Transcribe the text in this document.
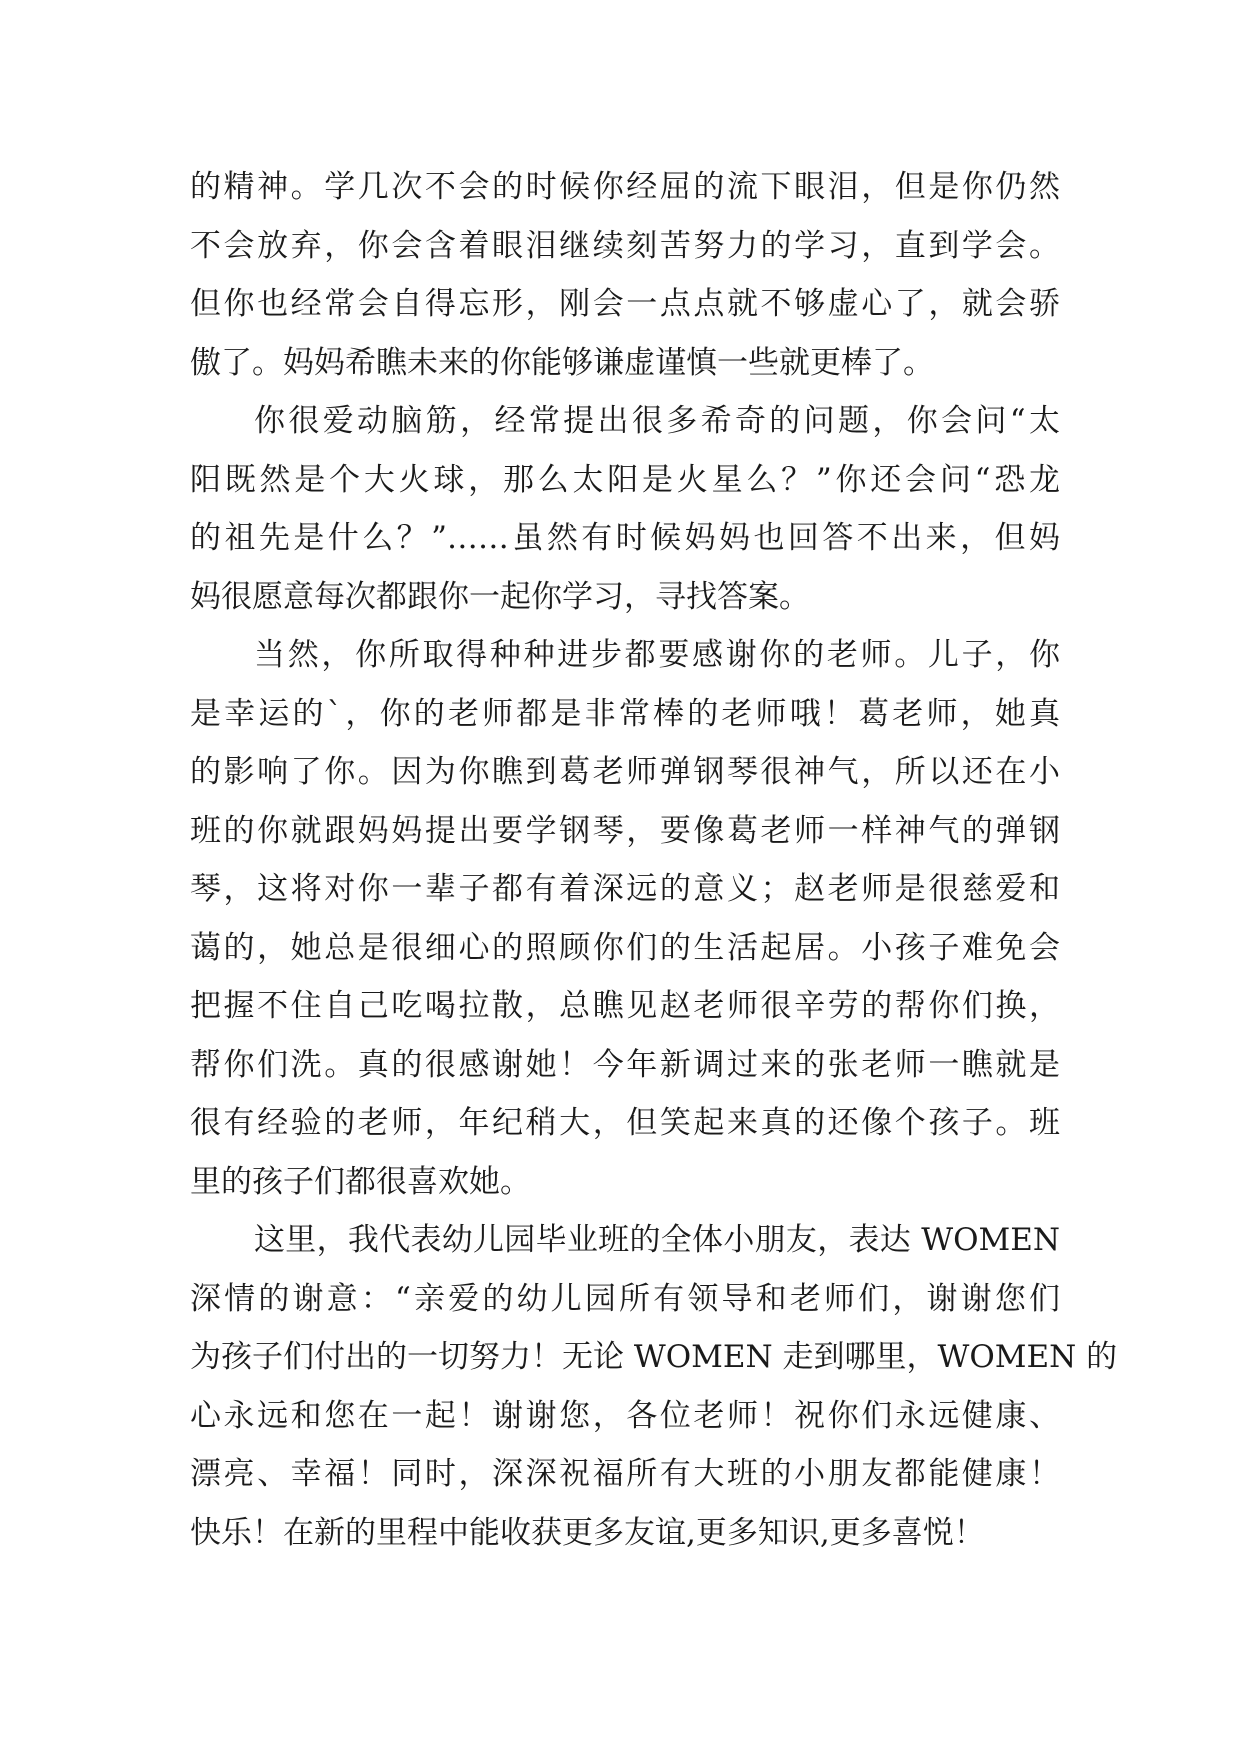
的精神。学几次不会的时候你经屈的流下眼泪，但是你仍然
不会放弃，你会含着眼泪继续刻苦努力的学习，直到学会。
但你也经常会自得忘形，刚会一点点就不够虚心了，就会骄
傲了。妈妈希瞧未来的你能够谦虚谨慎一些就更棒了。
你很爱动脑筋，经常提出很多希奇的问题，你会问“太
阳既然是个大火球，那么太阳是火星么？”你还会问“恐龙
的祖先是什么？”……虽然有时候妈妈也回答不出来，但妈
妈很愿意每次都跟你一起你学习，寻找答案。
当然，你所取得种种进步都要感谢你的老师。儿子，你
是幸运的`，你的老师都是非常棒的老师哦！葛老师，她真
的影响了你。因为你瞧到葛老师弹钢琴很神气，所以还在小
班的你就跟妈妈提出要学钢琴，要像葛老师一样神气的弹钢
琴，这将对你一辈子都有着深远的意义；赵老师是很慈爱和
蔼的，她总是很细心的照顾你们的生活起居。小孩子难免会
把握不住自己吃喝拉散，总瞧见赵老师很辛劳的帮你们换，
帮你们洗。真的很感谢她！今年新调过来的张老师一瞧就是
很有经验的老师，年纪稍大，但笑起来真的还像个孩子。班
里的孩子们都很喜欢她。
这里，我代表幼儿园毕业班的全体小朋友，表达 WOMEN
深情的谢意：“亲爱的幼儿园所有领导和老师们，谢谢您们
为孩子们付出的一切努力！无论 WOMEN 走到哪里，WOMEN 的
心永远和您在一起！谢谢您，各位老师！祝你们永远健康、
漂亮、幸福！同时，深深祝福所有大班的小朋友都能健康！
快乐！在新的里程中能收获更多友谊,更多知识,更多喜悦！
